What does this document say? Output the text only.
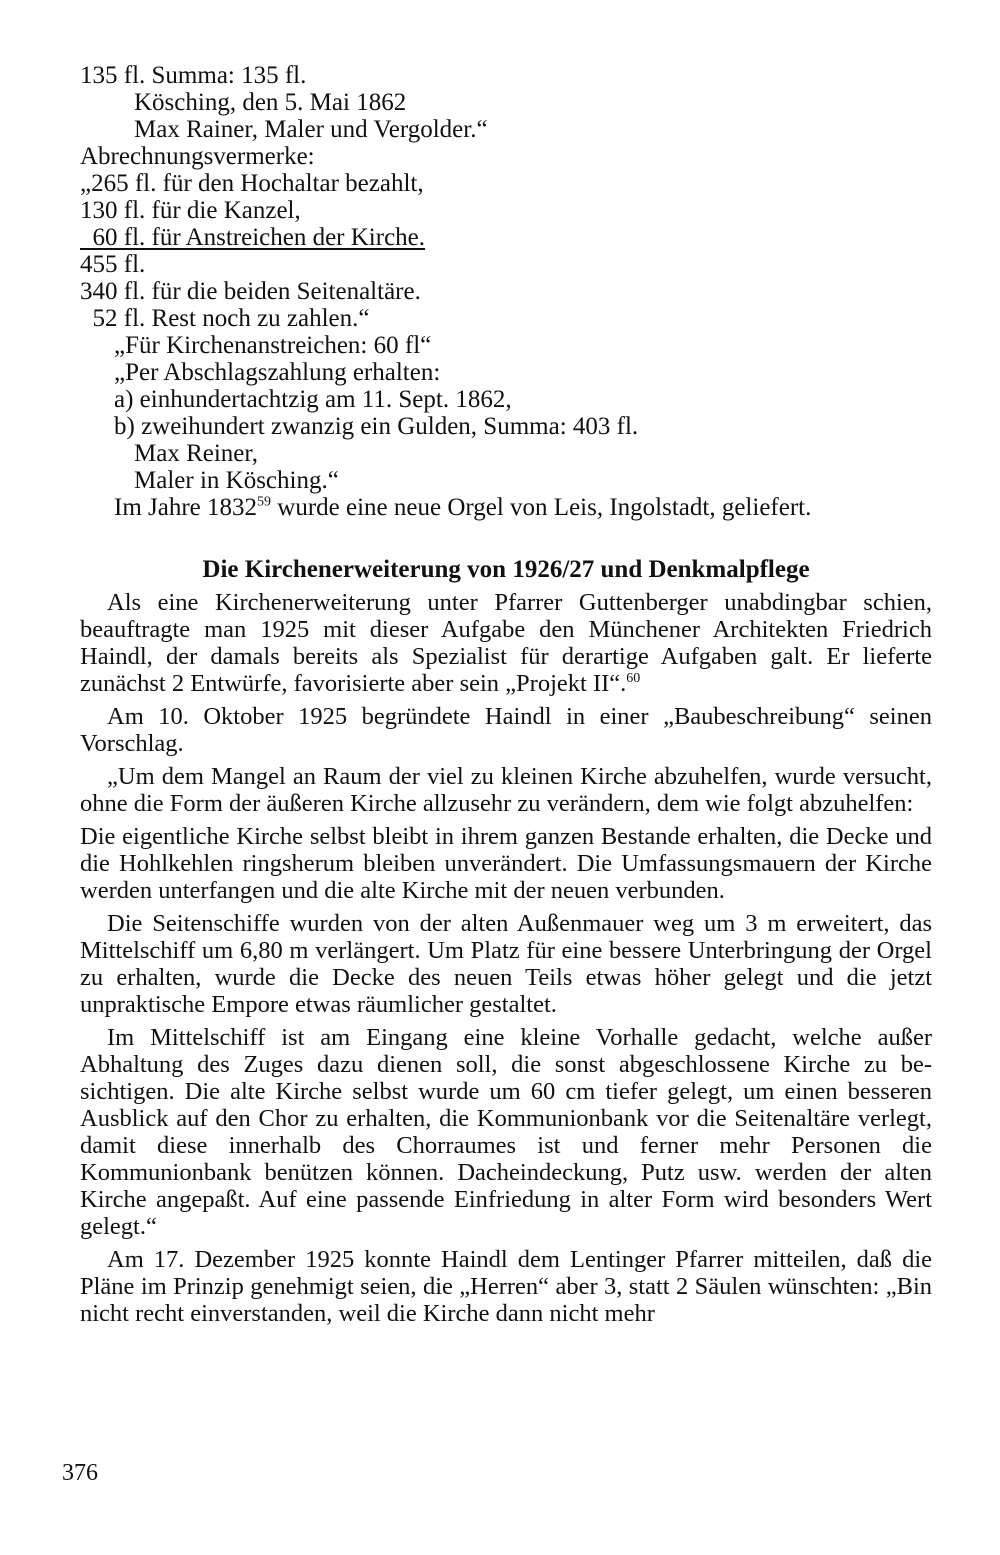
135 fl. Summa: 135 fl.
Kösching, den 5. Mai 1862
Max Rainer, Maler und Vergolder.“
Abrechnungsvermerke:
„265 fl. für den Hochaltar bezahlt,
130 fl. für die Kanzel,
60 fl. für Anstreichen der Kirche.
455 fl.
340 fl. für die beiden Seitenaltäre.
52 fl. Rest noch zu zahlen.“
„Für Kirchenanstreichen: 60 fl“
„Per Abschlagszahlung erhalten:
a) einhundertachtzig am 11. Sept. 1862,
b) zweihundert zwanzig ein Gulden, Summa: 403 fl.
Max Reiner,
Maler in Kösching.“
Im Jahre 1832$^{59}$ wurde eine neue Orgel von Leis, Ingolstadt, geliefert.
Die Kirchenerweiterung von 1926/27 und Denkmalpflege

Als eine Kirchenerweiterung unter Pfarrer Guttenberger unabdingbar schien, beauftragte man 1925 mit dieser Aufgabe den Münchener Architekten Friedrich Haindl, der damals bereits als Spezialist für derartige Aufgaben galt. Er lieferte zunächst 2 Entwürfe, favorisierte aber sein „Projekt II“.$^{60}$

Am 10. Oktober 1925 begründete Haindl in einer „Baubeschreibung“ seinen Vorschlag.

„Um dem Mangel an Raum der viel zu kleinen Kirche abzuhelfen, wurde versucht, ohne die Form der äußeren Kirche allzusehr zu verändern, dem wie folgt abzuhelfen:

Die eigentliche Kirche selbst bleibt in ihrem ganzen Bestande erhalten, die Decke und die Hohlkehlen ringsherum bleiben unverändert. Die Umfassungsmauern der Kirche werden unterfangen und die alte Kirche mit der neuen verbunden.

Die Seitenschiffe wurden von der alten Außenmauer weg um 3 m erweitert, das Mittelschiff um 6,80 m verlängert. Um Platz für eine bessere Unterbringung der Orgel zu erhalten, wurde die Decke des neuen Teils etwas höher gelegt und die jetzt unpraktische Empore etwas räumlicher gestaltet.

Im Mittelschiff ist am Eingang eine kleine Vorhalle gedacht, welche außer Abhaltung des Zuges dazu dienen soll, die sonst abgeschlossene Kirche zu besichtigen. Die alte Kirche selbst wurde um 60 cm tiefer gelegt, um einen besseren Ausblick auf den Chor zu erhalten, die Kommunionbank vor die Seitenaltäre verlegt, damit diese innerhalb des Chorraumes ist und ferner mehr Personen die Kommunionbank benützen können. Dacheindeckung, Putz usw. werden der alten Kirche angepaßt. Auf eine passende Einfriedung in alter Form wird besonders Wert gelegt.“

Am 17. Dezember 1925 konnte Haindl dem Lentinger Pfarrer mitteilen, daß die Pläne im Prinzip genehmigt seien, die „Herren“ aber 3, statt 2 Säulen wünschten: „Bin nicht recht einverstanden, weil die Kirche dann nicht mehr

376
